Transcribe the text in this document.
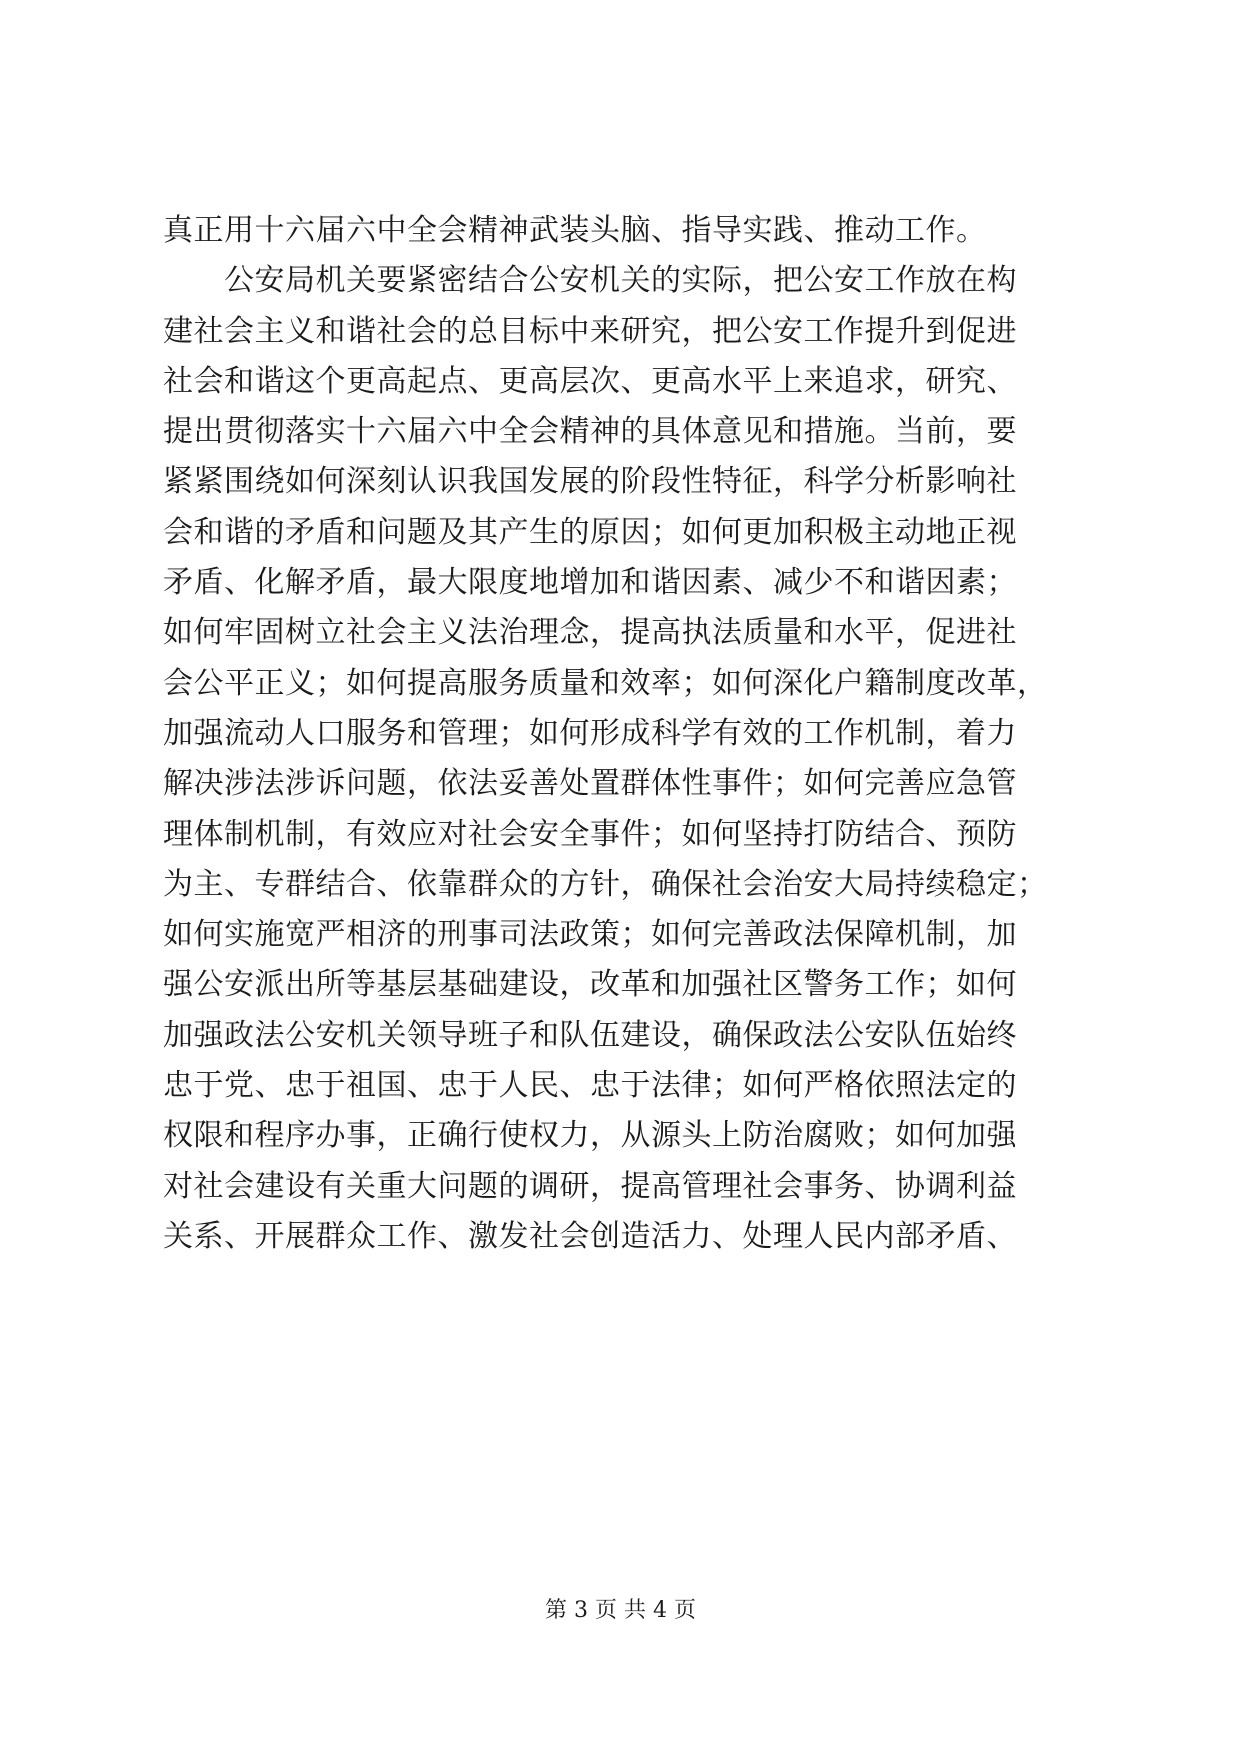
真正用十六届六中全会精神武装头脑、指导实践、推动工作。
　　公安局机关要紧密结合公安机关的实际，把公安工作放在构
建社会主义和谐社会的总目标中来研究，把公安工作提升到促进
社会和谐这个更高起点、更高层次、更高水平上来追求，研究、
提出贯彻落实十六届六中全会精神的具体意见和措施。当前，要
紧紧围绕如何深刻认识我国发展的阶段性特征，科学分析影响社
会和谐的矛盾和问题及其产生的原因；如何更加积极主动地正视
矛盾、化解矛盾，最大限度地增加和谐因素、减少不和谐因素；
如何牢固树立社会主义法治理念，提高执法质量和水平，促进社
会公平正义；如何提高服务质量和效率；如何深化户籍制度改革，
加强流动人口服务和管理；如何形成科学有效的工作机制，着力
解决涉法涉诉问题，依法妥善处置群体性事件；如何完善应急管
理体制机制，有效应对社会安全事件；如何坚持打防结合、预防
为主、专群结合、依靠群众的方针，确保社会治安大局持续稳定；
如何实施宽严相济的刑事司法政策；如何完善政法保障机制，加
强公安派出所等基层基础建设，改革和加强社区警务工作；如何
加强政法公安机关领导班子和队伍建设，确保政法公安队伍始终
忠于党、忠于祖国、忠于人民、忠于法律；如何严格依照法定的
权限和程序办事，正确行使权力，从源头上防治腐败；如何加强
对社会建设有关重大问题的调研，提高管理社会事务、协调利益
关系、开展群众工作、激发社会创造活力、处理人民内部矛盾、
第 3 页 共 4 页
